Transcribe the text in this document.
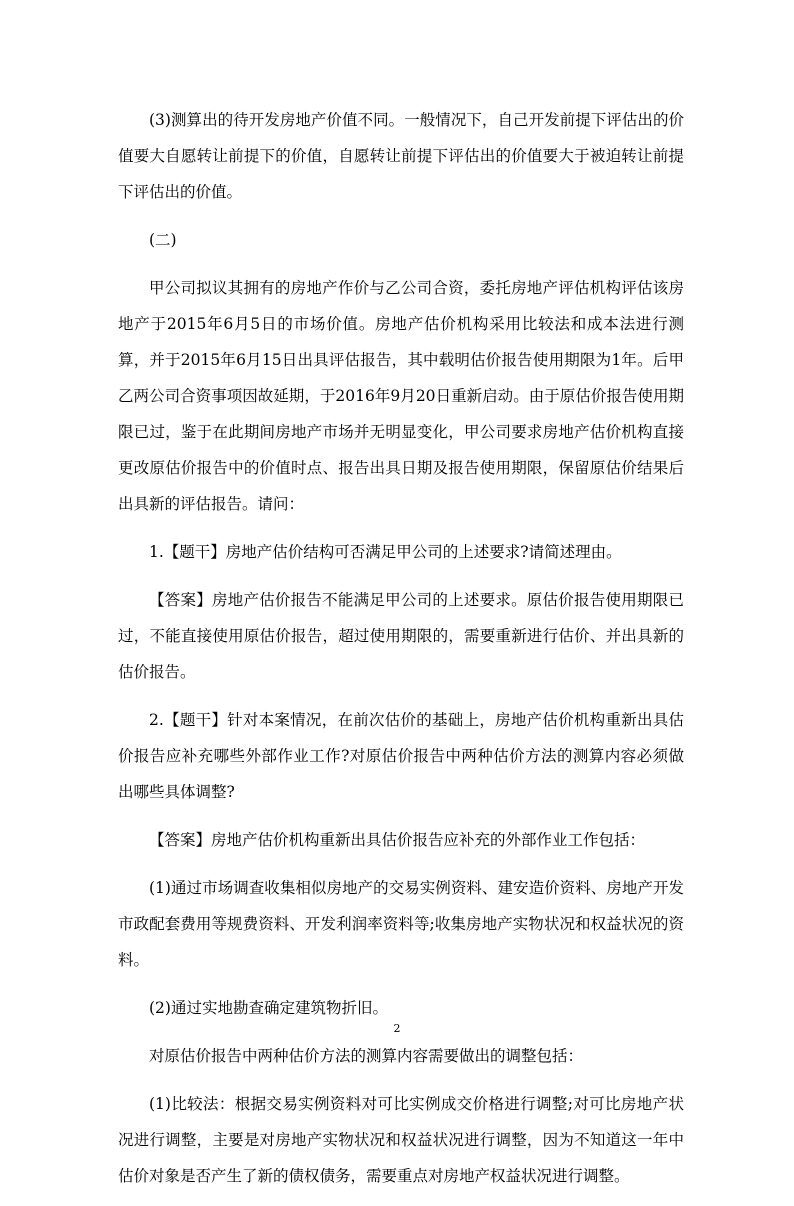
(3)测算出的待开发房地产价值不同。一般情况下，自己开发前提下评估出的价值要大自愿转让前提下的价值，自愿转让前提下评估出的价值要大于被迫转让前提下评估出的价值。

(二)

甲公司拟议其拥有的房地产作价与乙公司合资，委托房地产评估机构评估该房地产于2015年6月5日的市场价值。房地产估价机构采用比较法和成本法进行测算，并于2015年6月15日出具评估报告，其中载明估价报告使用期限为1年。后甲乙两公司合资事项因故延期，于2016年9月20日重新启动。由于原估价报告使用期限已过，鉴于在此期间房地产市场并无明显变化，甲公司要求房地产估价机构直接更改原估价报告中的价值时点、报告出具日期及报告使用期限，保留原估价结果后出具新的评估报告。请问：

1.【题干】房地产估价结构可否满足甲公司的上述要求?请简述理由。

【答案】房地产估价报告不能满足甲公司的上述要求。原估价报告使用期限已过，不能直接使用原估价报告，超过使用期限的，需要重新进行估价、并出具新的估价报告。

2.【题干】针对本案情况，在前次估价的基础上，房地产估价机构重新出具估价报告应补充哪些外部作业工作?对原估价报告中两种估价方法的测算内容必须做出哪些具体调整?

【答案】房地产估价机构重新出具估价报告应补充的外部作业工作包括：

(1)通过市场调查收集相似房地产的交易实例资料、建安造价资料、房地产开发市政配套费用等规费资料、开发利润率资料等;收集房地产实物状况和权益状况的资料。

(2)通过实地勘查确定建筑物折旧。

对原估价报告中两种估价方法的测算内容需要做出的调整包括：

(1)比较法：根据交易实例资料对可比实例成交价格进行调整;对可比房地产状况进行调整，主要是对房地产实物状况和权益状况进行调整，因为不知道这一年中估价对象是否产生了新的债权债务，需要重点对房地产权益状况进行调整。

2
